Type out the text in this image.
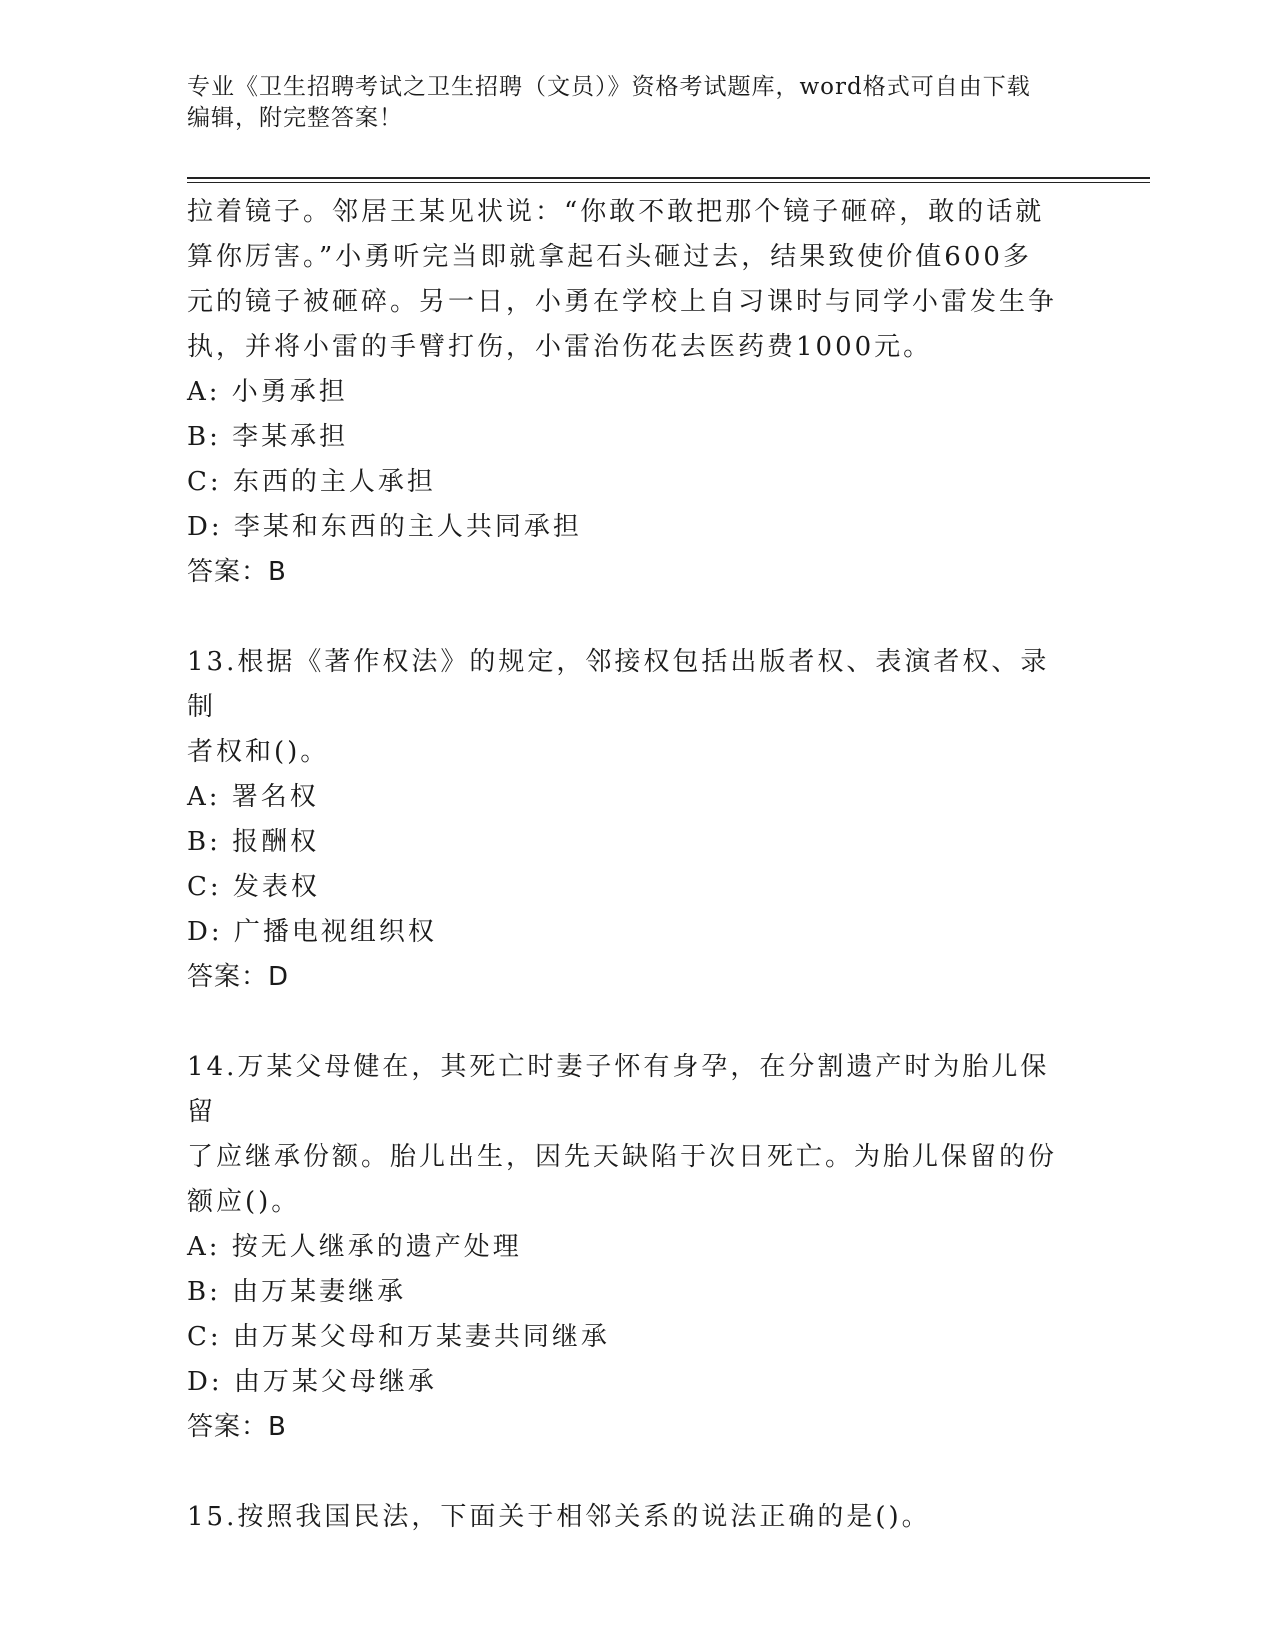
专业《卫生招聘考试之卫生招聘（文员）》资格考试题库，word格式可自由下载
编辑，附完整答案！

拉着镜子。邻居王某见状说：“你敢不敢把那个镜子砸碎，敢的话就

算你厉害。”小勇听完当即就拿起石头砸过去，结果致使价值600多

元的镜子被砸碎。另一日，小勇在学校上自习课时与同学小雷发生争

执，并将小雷的手臂打伤，小雷治伤花去医药费1000元。

A: 小勇承担

B: 李某承担

C: 东西的主人承担

D: 李某和东西的主人共同承担

答案：B

13.根据《著作权法》的规定，邻接权包括出版者权、表演者权、录制

者权和()。

A: 署名权

B: 报酬权

C: 发表权

D: 广播电视组织权

答案：D

14.万某父母健在，其死亡时妻子怀有身孕，在分割遗产时为胎儿保留

了应继承份额。胎儿出生，因先天缺陷于次日死亡。为胎儿保留的份

额应()。

A: 按无人继承的遗产处理

B: 由万某妻继承

C: 由万某父母和万某妻共同继承

D: 由万某父母继承

答案：B

15.按照我国民法，下面关于相邻关系的说法正确的是()。
